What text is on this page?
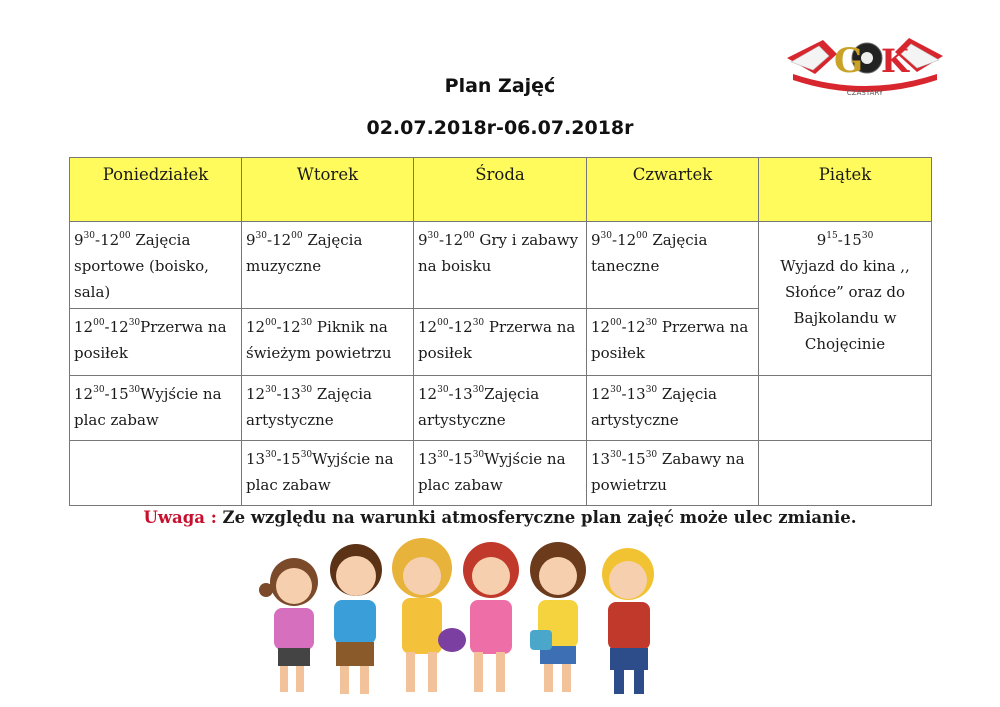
G K
CZASTARY
Plan Zajęć
02.07.2018r-06.07.2018r
Poniedziałek	Wtorek	Środa	Czwartek	Piątek
$9^{30}-12^{00}$ Zajęcia sportowe (boisko, sala)	$9^{30}-12^{00}$ Zajęcia muzyczne	$9^{30}-12^{00}$ Gry i zabawy na boisku	$9^{30}-12^{00}$ Zajęcia taneczne	$9^{15}-15^{30}$
Wyjazd do kina ,, Słońce” oraz do Bajkolandu w Chojęcinie
$12^{00}-12^{30}Przerwa$ na posiłek	$12^{00}-12^{30}$ Piknik na świeżym powietrzu	$12^{00}-12^{30}$ Przerwa na posiłek	$12^{00}-12^{30}$ Przerwa na posiłek	
$12^{30}-15^{30}Wyjście$ na plac zabaw	$12^{30}-13^{30}$ Zajęcia artystyczne	$12^{30}-13^{30}Zajęcia$ artystyczne	$12^{30}-13^{30}$ Zajęcia artystyczne	
	$13^{30}-15^{30}Wyjście$ na plac zabaw	$13^{30}-15^{30}Wyjście$ na plac zabaw	$13^{30}-15^{30}$ Zabawy na powietrzu	
Uwaga : Ze względu na warunki atmosferyczne plan zajęć może ulec zmianie.
